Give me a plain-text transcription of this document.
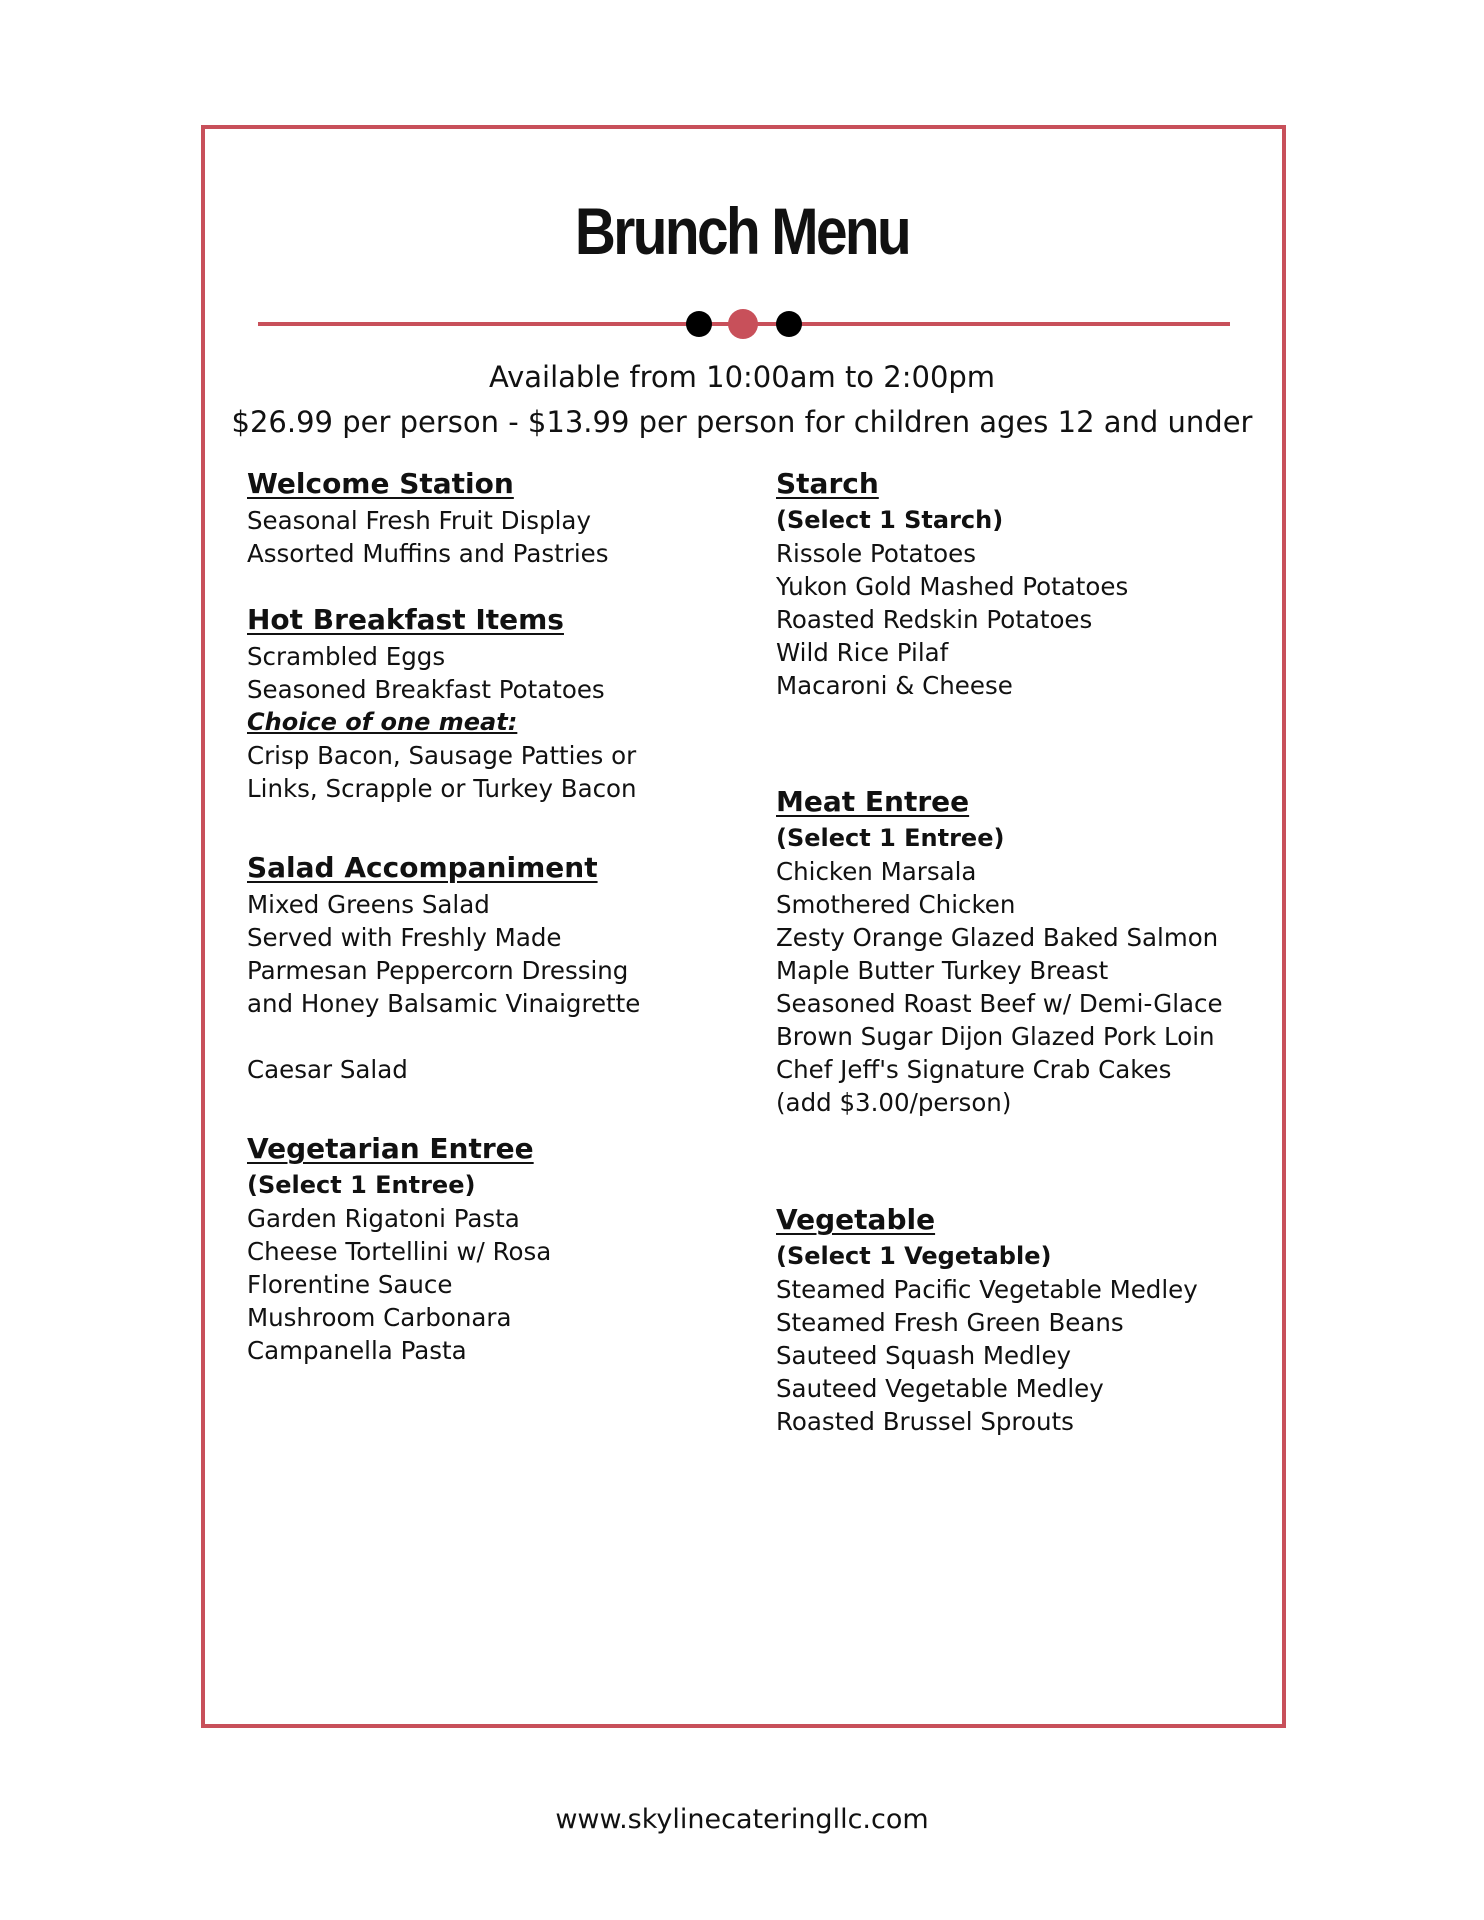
Brunch Menu
Available from 10:00am to 2:00pm
$26.99 per person - $13.99 per person for children ages 12 and under
Welcome Station
Seasonal Fresh Fruit Display
Assorted Muffins and Pastries
Hot Breakfast Items
Scrambled Eggs
Seasoned Breakfast Potatoes
Choice of one meat:
Crisp Bacon, Sausage Patties or
Links, Scrapple or Turkey Bacon
Salad Accompaniment
Mixed Greens Salad
Served with Freshly Made
Parmesan Peppercorn Dressing
and Honey Balsamic Vinaigrette
Caesar Salad
Vegetarian Entree
(Select 1 Entree)
Garden Rigatoni Pasta
Cheese Tortellini w/ Rosa
Florentine Sauce
Mushroom Carbonara
Campanella Pasta
Starch
(Select 1 Starch)
Rissole Potatoes
Yukon Gold Mashed Potatoes
Roasted Redskin Potatoes
Wild Rice Pilaf
Macaroni & Cheese
Meat Entree
(Select 1 Entree)
Chicken Marsala
Smothered Chicken
Zesty Orange Glazed Baked Salmon
Maple Butter Turkey Breast
Seasoned Roast Beef w/ Demi-Glace
Brown Sugar Dijon Glazed Pork Loin
Chef Jeff's Signature Crab Cakes
(add $3.00/person)
Vegetable
(Select 1 Vegetable)
Steamed Pacific Vegetable Medley
Steamed Fresh Green Beans
Sauteed Squash Medley
Sauteed Vegetable Medley
Roasted Brussel Sprouts
www.skylinecateringllc.com
